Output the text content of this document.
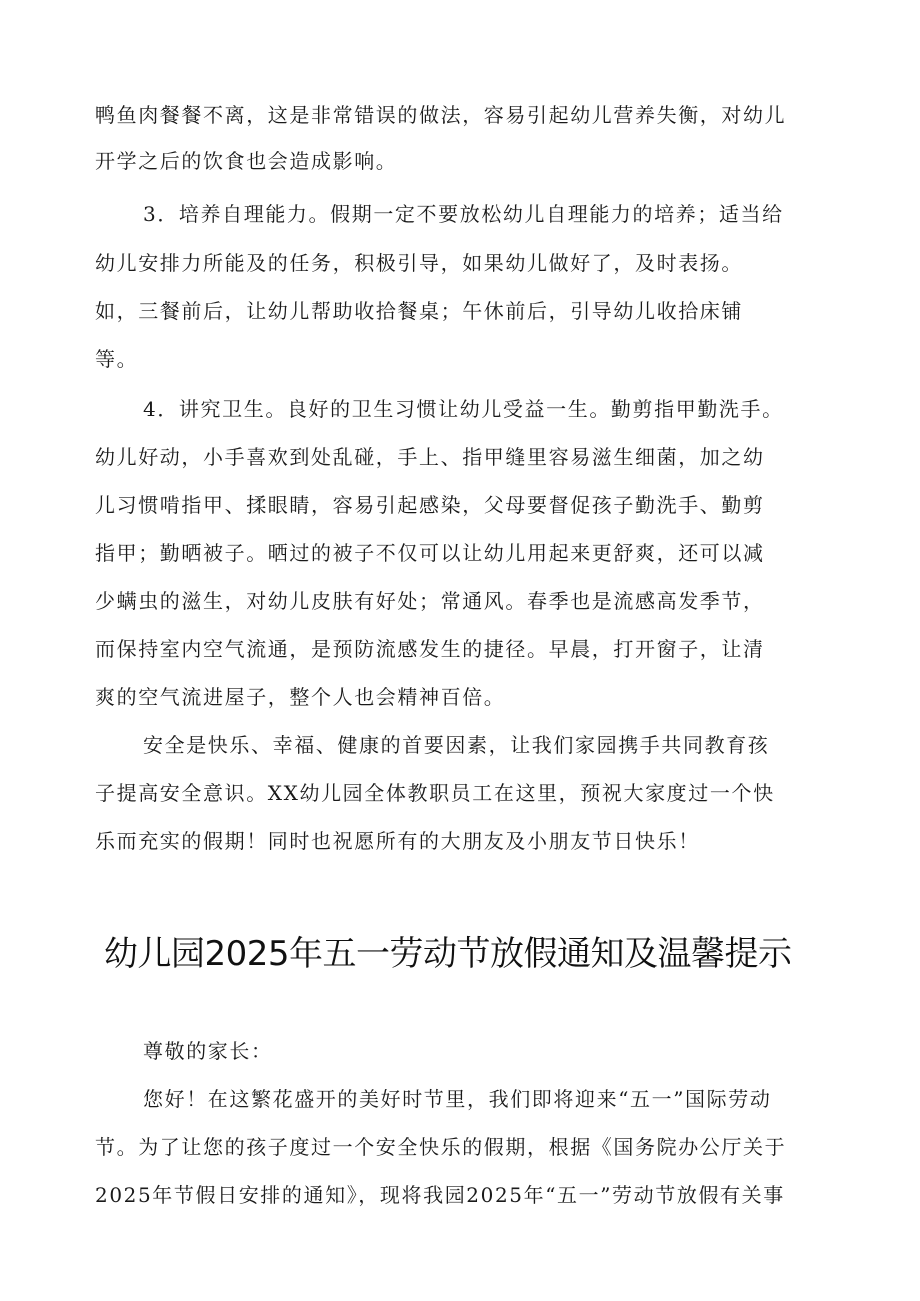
鸭鱼肉餐餐不离，这是非常错误的做法，容易引起幼儿营养失衡，对幼儿

开学之后的饮食也会造成影响。

3．培养自理能力。假期一定不要放松幼儿自理能力的培养；适当给

幼儿安排力所能及的任务，积极引导，如果幼儿做好了，及时表扬。

如，三餐前后，让幼儿帮助收拾餐桌；午休前后，引导幼儿收拾床铺

等。

4．讲究卫生。良好的卫生习惯让幼儿受益一生。勤剪指甲勤洗手。

幼儿好动，小手喜欢到处乱碰，手上、指甲缝里容易滋生细菌，加之幼

儿习惯啃指甲、揉眼睛，容易引起感染，父母要督促孩子勤洗手、勤剪

指甲；勤晒被子。晒过的被子不仅可以让幼儿用起来更舒爽，还可以减

少螨虫的滋生，对幼儿皮肤有好处；常通风。春季也是流感高发季节，

而保持室内空气流通，是预防流感发生的捷径。早晨，打开窗子，让清

爽的空气流进屋子，整个人也会精神百倍。

安全是快乐、幸福、健康的首要因素，让我们家园携手共同教育孩

子提高安全意识。XX幼儿园全体教职员工在这里，预祝大家度过一个快

乐而充实的假期！同时也祝愿所有的大朋友及小朋友节日快乐！

幼儿园2025年五一劳动节放假通知及温馨提示

尊敬的家长：

您好！在这繁花盛开的美好时节里，我们即将迎来“五一”国际劳动

节。为了让您的孩子度过一个安全快乐的假期，根据《国务院办公厅关于

2025年节假日安排的通知》，现将我园2025年“五一”劳动节放假有关事
